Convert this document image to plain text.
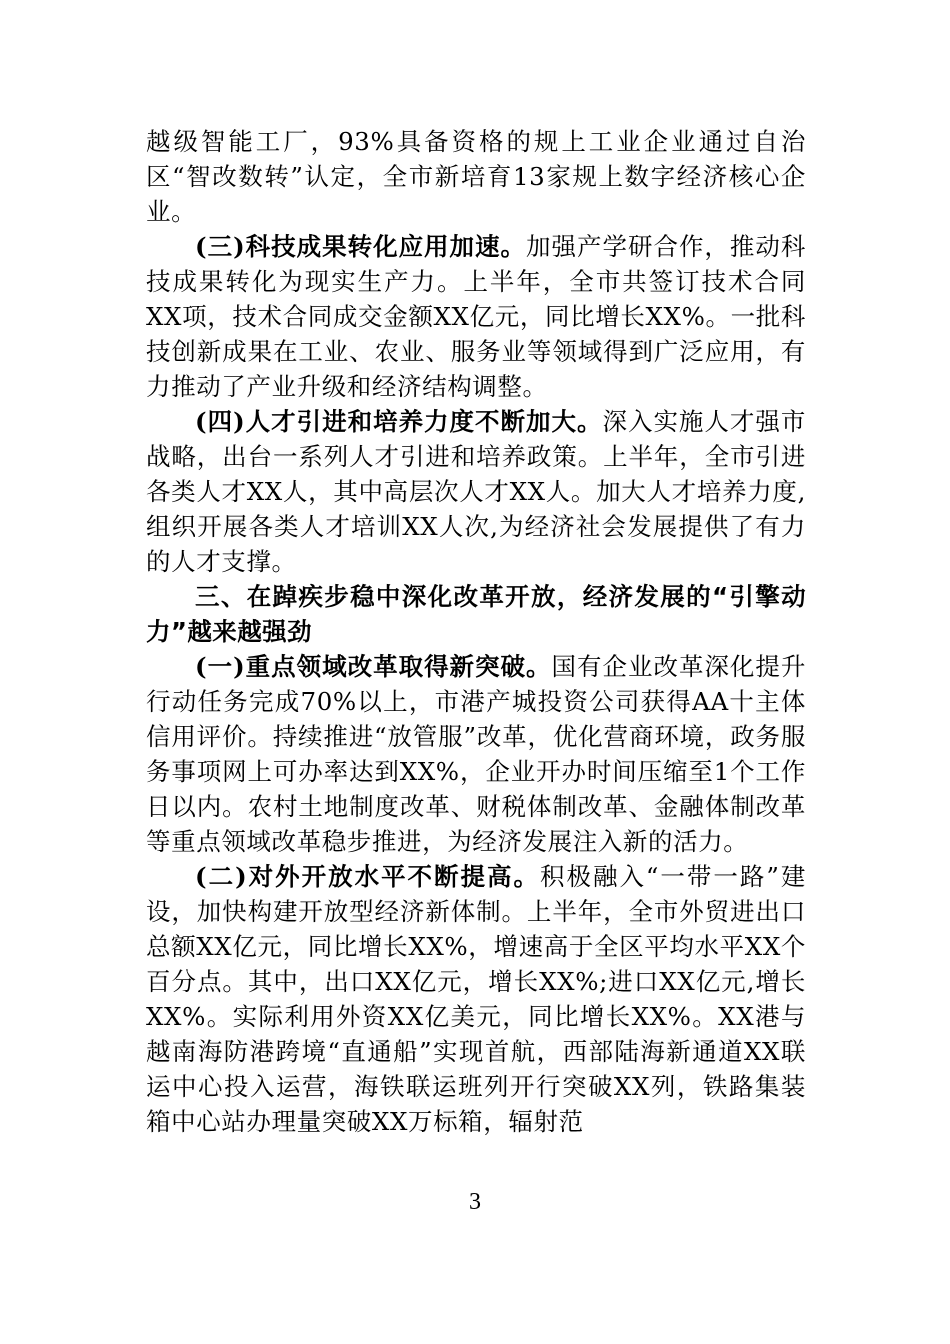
越级智能工厂，93%具备资格的规上工业企业通过自治区“智改数转”认定，全市新培育13家规上数字经济核心企业。

(三)科技成果转化应用加速。加强产学研合作，推动科技成果转化为现实生产力。上半年，全市共签订技术合同XX项，技术合同成交金额XX亿元，同比增长XX%。一批科技创新成果在工业、农业、服务业等领域得到广泛应用，有力推动了产业升级和经济结构调整。

(四)人才引进和培养力度不断加大。深入实施人才强市战略，出台一系列人才引进和培养政策。上半年，全市引进各类人才XX人，其中高层次人才XX人。加大人才培养力度,组织开展各类人才培训XX人次,为经济社会发展提供了有力的人才支撑。

三、在踔疾步稳中深化改革开放，经济发展的“引擎动力”越来越强劲

(一)重点领域改革取得新突破。国有企业改革深化提升行动任务完成70%以上，市港产城投资公司获得AA十主体信用评价。持续推进“放管服”改革，优化营商环境，政务服务事项网上可办率达到XX%，企业开办时间压缩至1个工作日以内。农村土地制度改革、财税体制改革、金融体制改革等重点领域改革稳步推进，为经济发展注入新的活力。

(二)对外开放水平不断提高。积极融入“一带一路”建设，加快构建开放型经济新体制。上半年，全市外贸进出口总额XX亿元，同比增长XX%，增速高于全区平均水平XX个百分点。其中，出口XX亿元，增长XX%;进口XX亿元,增长XX%。实际利用外资XX亿美元，同比增长XX%。XX港与越南海防港跨境“直通船”实现首航，西部陆海新通道XX联运中心投入运营，海铁联运班列开行突破XX列，铁路集装箱中心站办理量突破XX万标箱，辐射范

3
